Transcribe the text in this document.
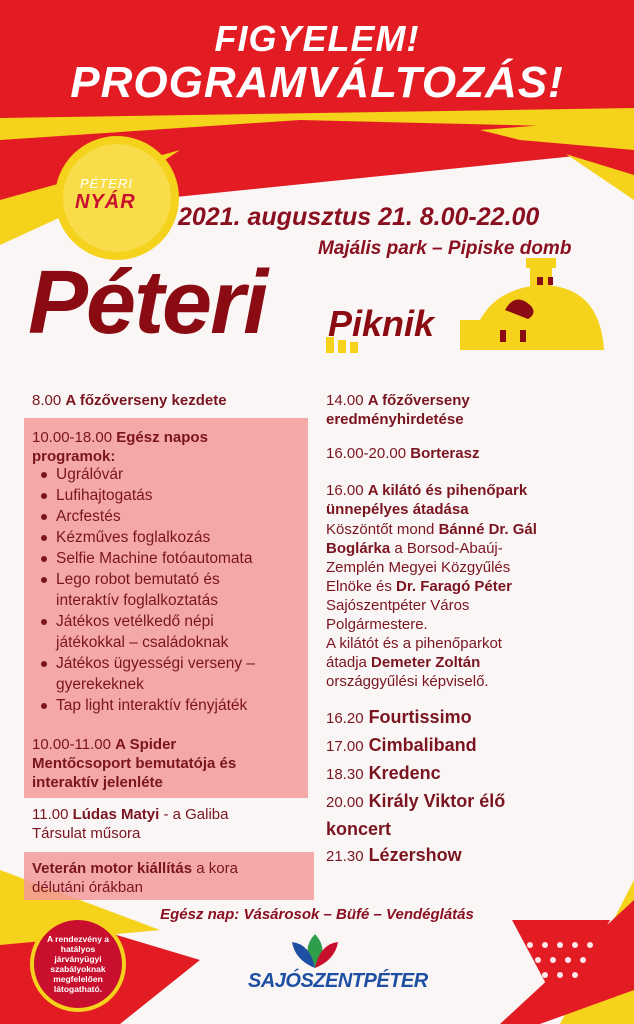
FIGYELEM!
PROGRAMVÁLTOZÁS!
PÉTERI
NYÁR
2021. augusztus 21. 8.00-22.00
Majális park – Pipiske domb
Péteri Piknik
8.00 A főzőverseny kezdete
10.00-18.00 Egész napos
programok:
Ugrálóvár
Lufihajtogatás
Arcfestés
Kézműves foglalkozás
Selfie Machine fotóautomata
Lego robot bemutató és
interaktív foglalkoztatás
Játékos vetélkedő népi
játékokkal – családoknak
Játékos ügyességi verseny –
gyerekeknek
Tap light interaktív fényjáték
10.00-11.00 A Spider
Mentőcsoport bemutatója és
interaktív jelenléte
11.00 Lúdas Matyi - a Galiba
Társulat műsora
Veterán motor kiállítás a kora
délutáni órákban
14.00 A főzőverseny
eredményhirdetése
16.00-20.00 Borterasz
16.00 A kilátó és pihenőpark
ünnepélyes átadása
Köszöntőt mond Bánné Dr. Gál
Boglárka a Borsod-Abaúj-
Zemplén Megyei Közgyűlés
Elnöke és Dr. Faragó Péter
Sajószentpéter Város
Polgármestere.
A kilátót és a pihenőparkot
átadja Demeter Zoltán
országgyűlési képviselő.
16.20 Fourtissimo
17.00 Cimbaliband
18.30 Kredenc
20.00 Király Viktor élő
koncert
21.30 Lézershow
Egész nap: Vásárosok – Büfé – Vendéglátás
A rendezvény a hatályos járványügyi szabályoknak megfelelően látogatható.	SAJÓSZENTPÉTER
